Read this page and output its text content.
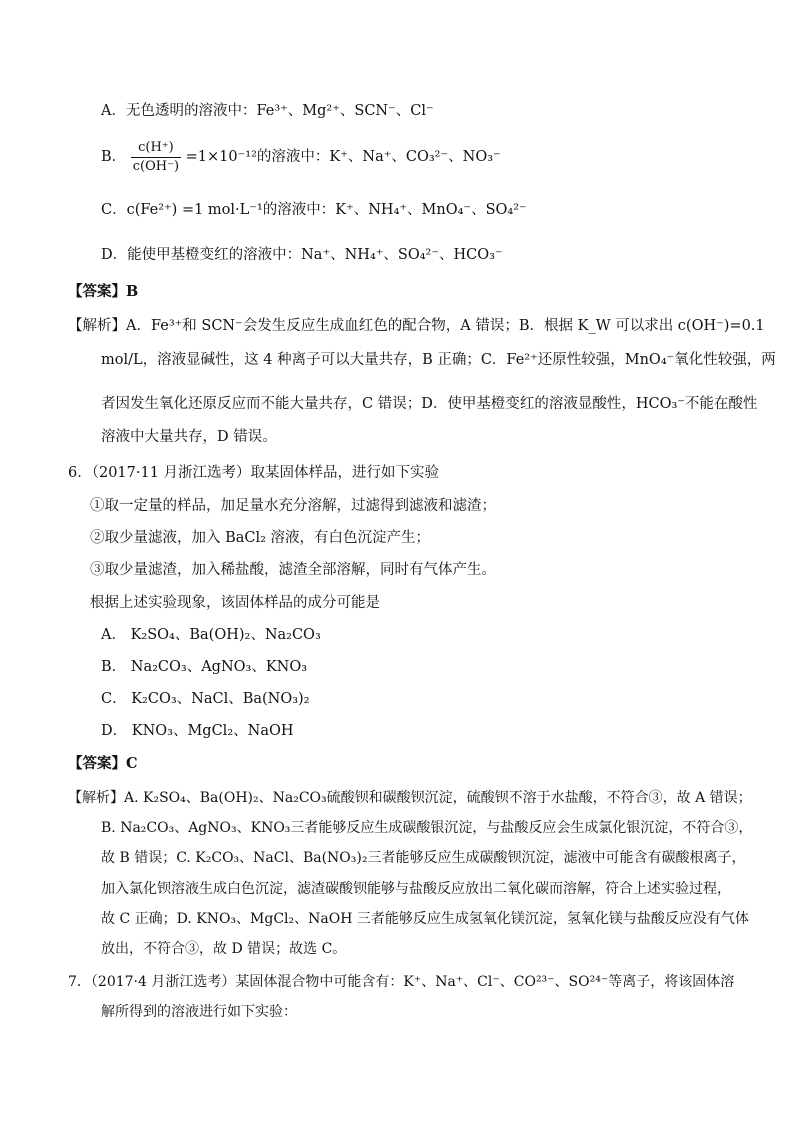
A．无色透明的溶液中：Fe³⁺、Mg²⁺、SCN⁻、Cl⁻
B． $\frac{c(H^+)}{c(OH^-)} =1\times 10^{-12}$的溶液中：K⁺、Na⁺、CO₃²⁻、NO₃⁻
C．c(Fe²⁺) =1 mol·L⁻¹的溶液中：K⁺、NH₄⁺、MnO₄⁻、SO₄²⁻
D．能使甲基橙变红的溶液中：Na⁺、NH₄⁺、SO₄²⁻、HCO₃⁻
【答案】B
【解析】A．Fe³⁺和 SCN⁻会发生反应生成血红色的配合物，A 错误；B．根据 K_W 可以求出 c(OH⁻)=0.1
mol/L，溶液显碱性，这 4 种离子可以大量共存，B 正确；C．Fe²⁺还原性较强，MnO₄⁻氧化性较强，两
者因发生氧化还原反应而不能大量共存，C 错误；D．使甲基橙变红的溶液显酸性，HCO₃⁻不能在酸性
溶液中大量共存，D 错误。
6．（2017·11 月浙江选考）取某固体样品，进行如下实验
①取一定量的样品，加足量水充分溶解，过滤得到滤液和滤渣；
②取少量滤液，加入 BaCl₂ 溶液，有白色沉淀产生；
③取少量滤渣，加入稀盐酸，滤渣全部溶解，同时有气体产生。
根据上述实验现象，该固体样品的成分可能是
A． K₂SO₄、Ba(OH)₂、Na₂CO₃
B． Na₂CO₃、AgNO₃、KNO₃
C． K₂CO₃、NaCl、Ba(NO₃)₂
D． KNO₃、MgCl₂、NaOH
【答案】C
【解析】A. K₂SO₄、Ba(OH)₂、Na₂CO₃硫酸钡和碳酸钡沉淀，硫酸钡不溶于水盐酸，不符合③，故 A 错误；
B. Na₂CO₃、AgNO₃、KNO₃三者能够反应生成碳酸银沉淀，与盐酸反应会生成氯化银沉淀，不符合③，
故 B 错误；C. K₂CO₃、NaCl、Ba(NO₃)₂三者能够反应生成碳酸钡沉淀，滤液中可能含有碳酸根离子，
加入氯化钡溶液生成白色沉淀，滤渣碳酸钡能够与盐酸反应放出二氧化碳而溶解，符合上述实验过程，
故 C 正确；D. KNO₃、MgCl₂、NaOH 三者能够反应生成氢氧化镁沉淀，氢氧化镁与盐酸反应没有气体
放出，不符合③，故 D 错误；故选 C。
7．（2017·4 月浙江选考）某固体混合物中可能含有：K⁺、Na⁺、Cl⁻、CO²³⁻、SO²⁴⁻等离子，将该固体溶
解所得到的溶液进行如下实验：
